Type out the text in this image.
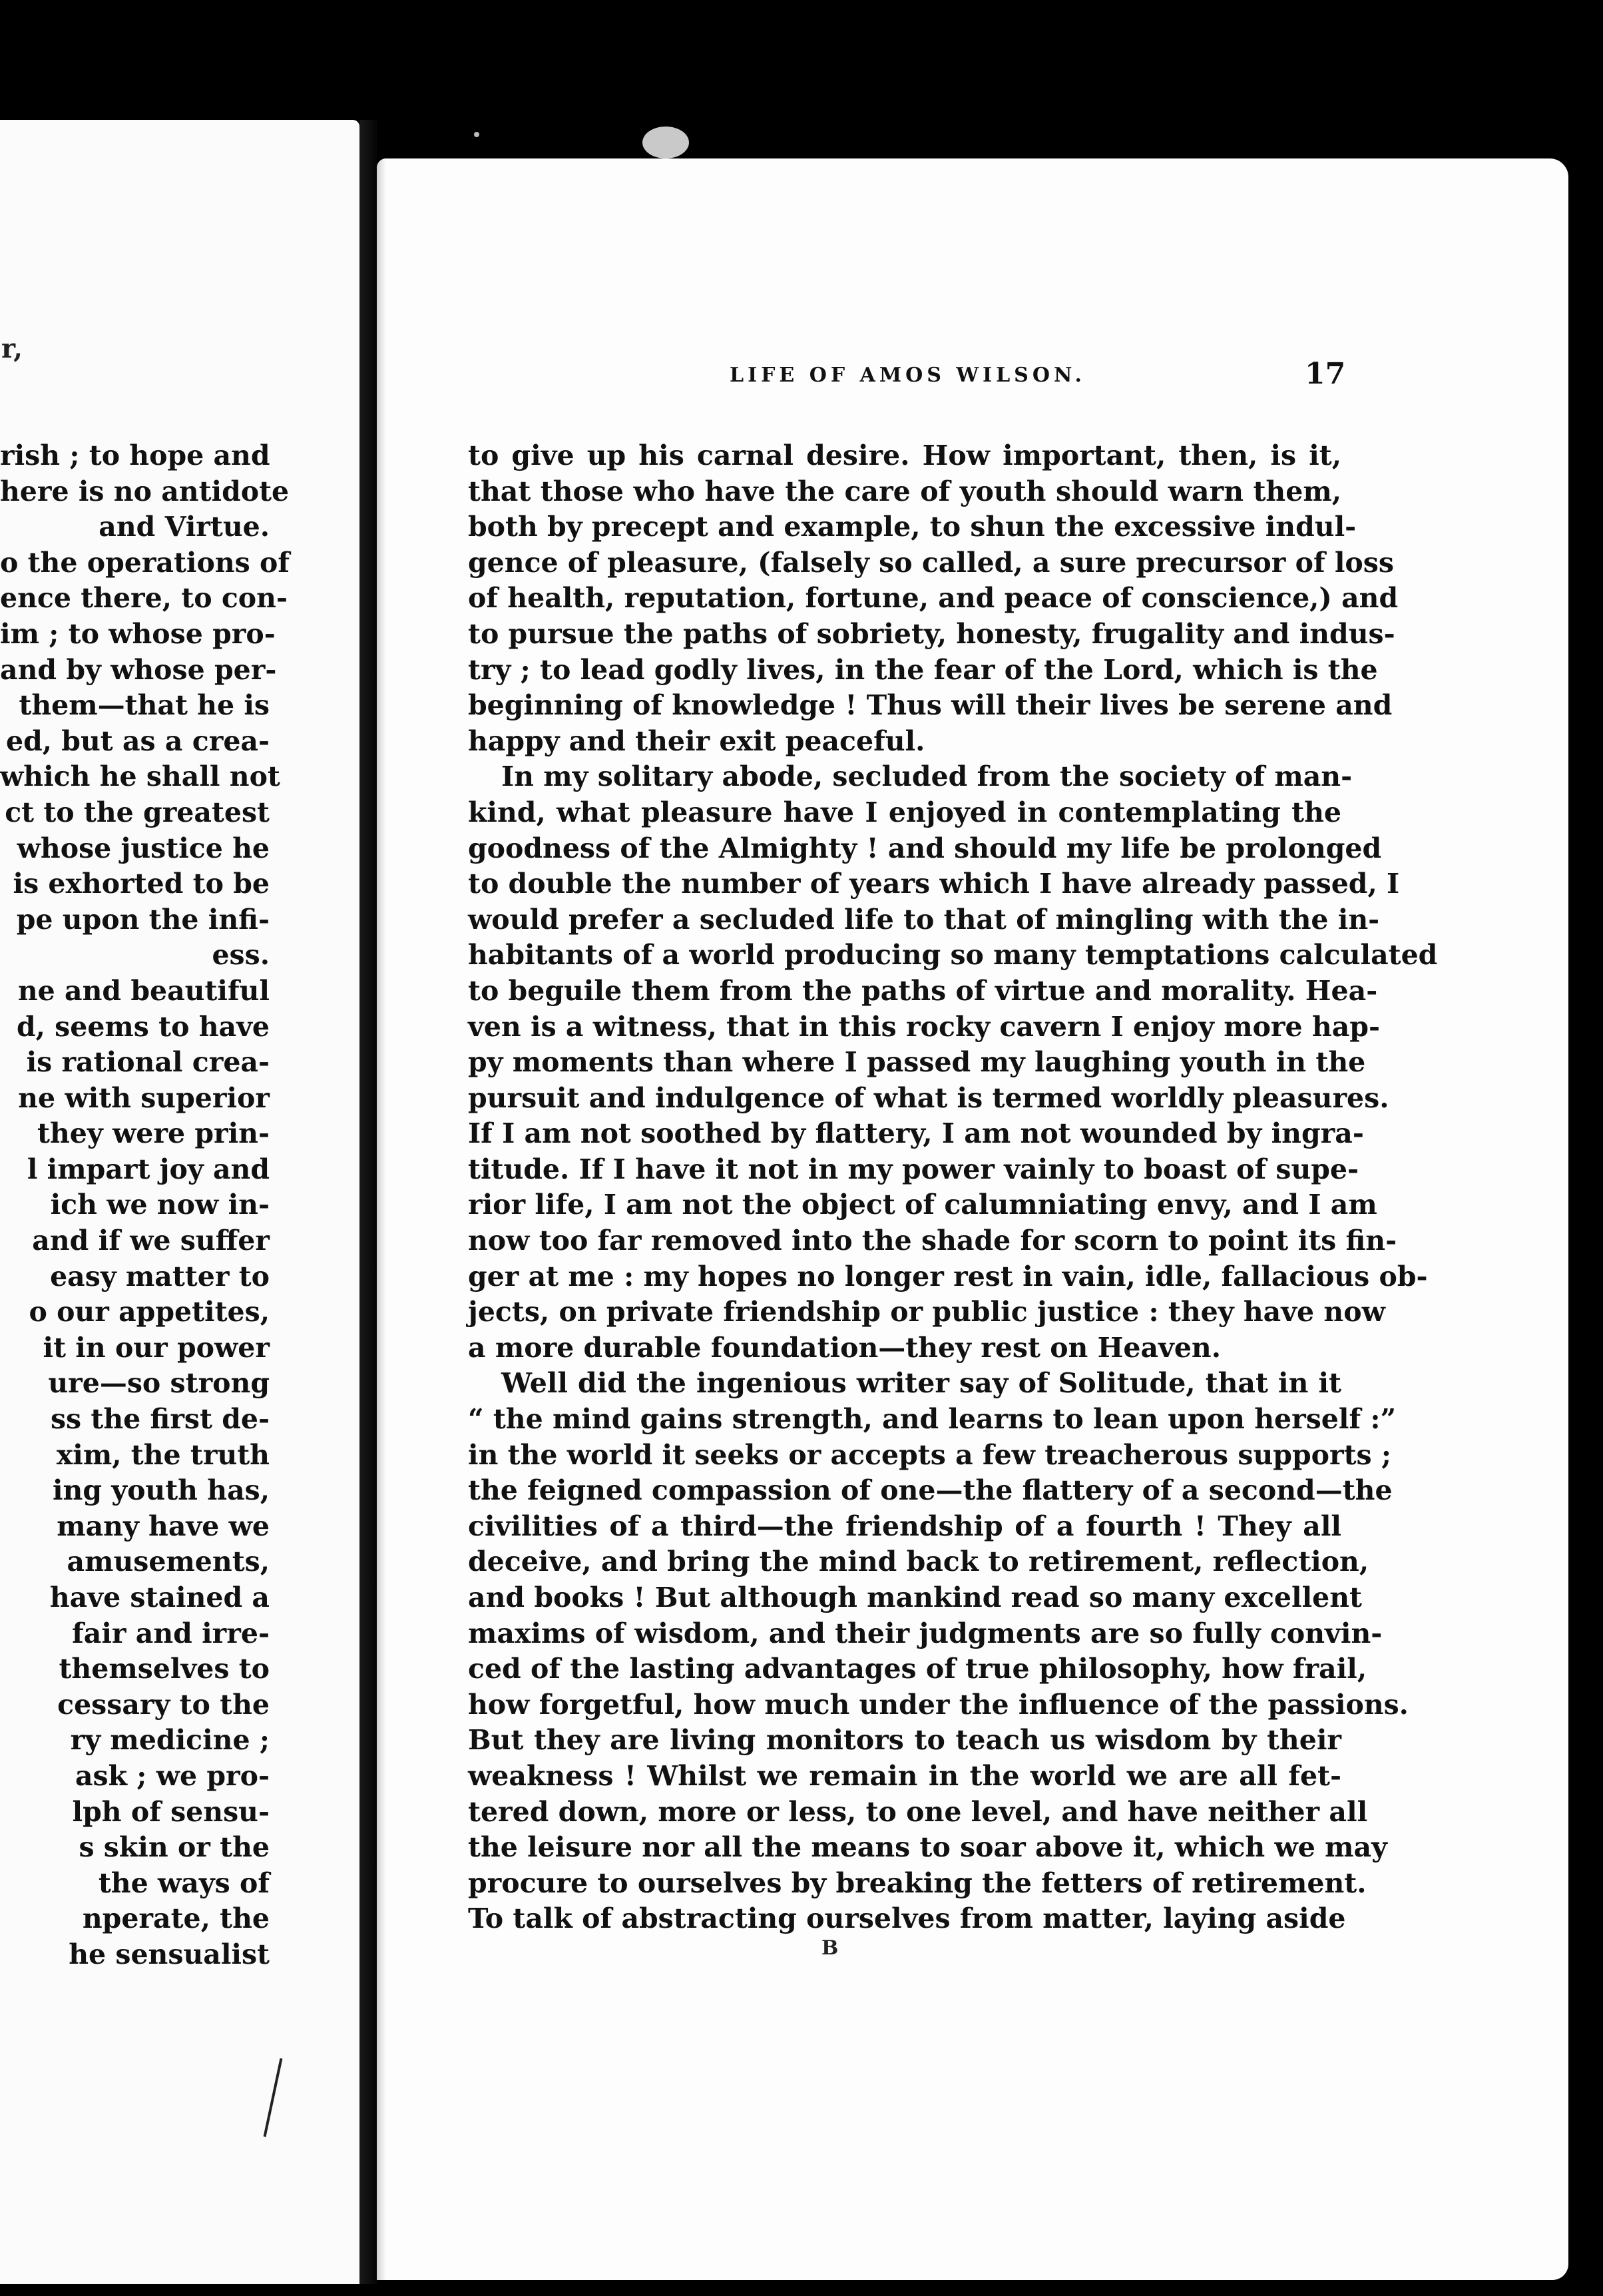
r,
rish ; to hope and
here is no antidote
and Virtue.
o the operations of
ence there, to con-
im ; to whose pro-
and by whose per-
them—that he is
ed, but as a crea-
which he shall not
ct to the greatest
whose justice he
is exhorted to be
pe upon the infi-
ess.
ne and beautiful
d, seems to have
is rational crea-
ne with superior
they were prin-
l impart joy and
ich we now in-
and if we suffer
easy matter to
o our appetites,
it in our power
ure—so strong
ss the first de-
xim, the truth
ing youth has,
many have we
amusements,
have stained a
fair and irre-
themselves to
cessary to the
ry medicine ;
ask ; we pro-
lph of sensu-
s skin or the
the ways of
nperate, the
he sensualist
LIFE OF AMOS WILSON.	17
to give up his carnal desire. How important, then, is it,
that those who have the care of youth should warn them,
both by precept and example, to shun the excessive indul-
gence of pleasure, (falsely so called, a sure precursor of loss
of health, reputation, fortune, and peace of conscience,) and
to pursue the paths of sobriety, honesty, frugality and indus-
try ; to lead godly lives, in the fear of the Lord, which is the
beginning of knowledge ! Thus will their lives be serene and
happy and their exit peaceful.
In my solitary abode, secluded from the society of man-
kind, what pleasure have I enjoyed in contemplating the
goodness of the Almighty ! and should my life be prolonged
to double the number of years which I have already passed, I
would prefer a secluded life to that of mingling with the in-
habitants of a world producing so many temptations calculated
to beguile them from the paths of virtue and morality. Hea-
ven is a witness, that in this rocky cavern I enjoy more hap-
py moments than where I passed my laughing youth in the
pursuit and indulgence of what is termed worldly pleasures.
If I am not soothed by flattery, I am not wounded by ingra-
titude. If I have it not in my power vainly to boast of supe-
rior life, I am not the object of calumniating envy, and I am
now too far removed into the shade for scorn to point its fin-
ger at me : my hopes no longer rest in vain, idle, fallacious ob-
jects, on private friendship or public justice : they have now
a more durable foundation—they rest on Heaven.
Well did the ingenious writer say of Solitude, that in it
“ the mind gains strength, and learns to lean upon herself :”
in the world it seeks or accepts a few treacherous supports ;
the feigned compassion of one—the flattery of a second—the
civilities of a third—the friendship of a fourth ! They all
deceive, and bring the mind back to retirement, reflection,
and books ! But although mankind read so many excellent
maxims of wisdom, and their judgments are so fully convin-
ced of the lasting advantages of true philosophy, how frail,
how forgetful, how much under the influence of the passions.
But they are living monitors to teach us wisdom by their
weakness ! Whilst we remain in the world we are all fet-
tered down, more or less, to one level, and have neither all
the leisure nor all the means to soar above it, which we may
procure to ourselves by breaking the fetters of retirement.
To talk of abstracting ourselves from matter, laying aside
B
